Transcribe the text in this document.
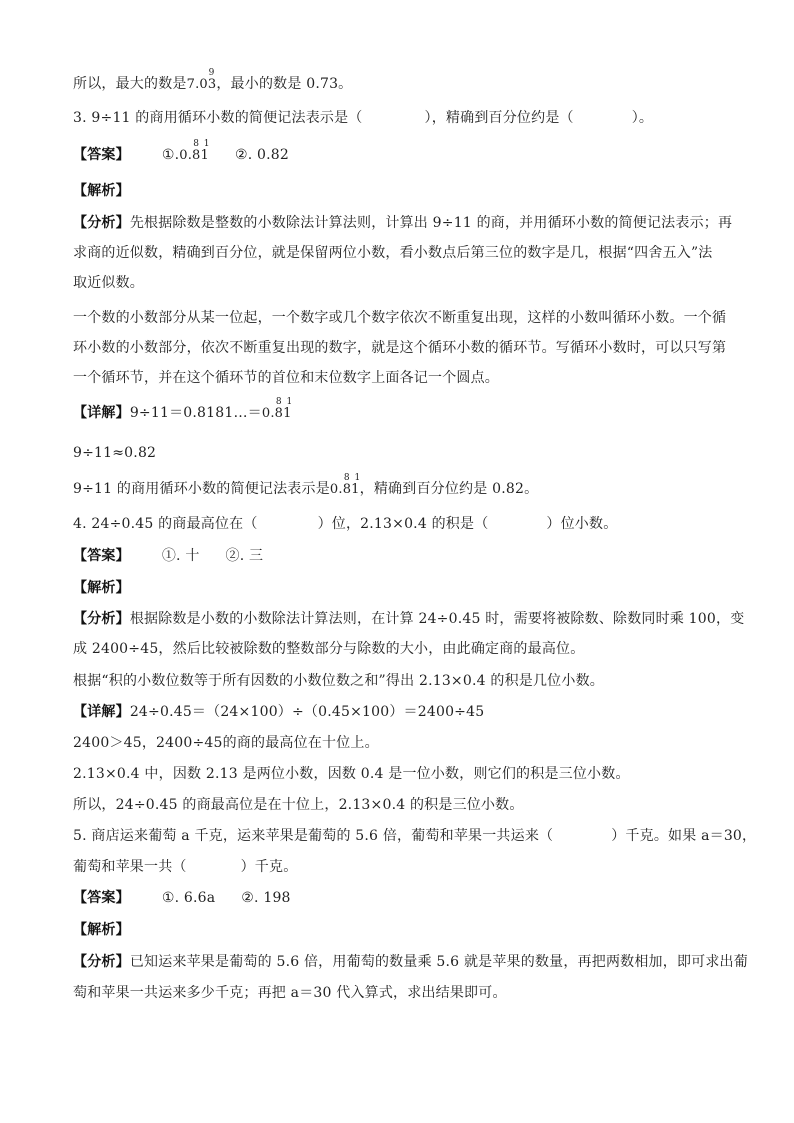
所以，最大的数是
9
7.03，最小的数是 0.73。
3. 9÷11 的商用循环小数的简便记法表示是（	），精确到百分位约是（	）。
【答案】 ①.
8 1
0.81 ②. 0.82
【解析】
【分析】先根据除数是整数的小数除法计算法则，计算出 9÷11 的商，并用循环小数的简便记法表示；再
求商的近似数，精确到百分位，就是保留两位小数，看小数点后第三位的数字是几，根据“四舍五入”法
取近似数。
一个数的小数部分从某一位起，一个数字或几个数字依次不断重复出现，这样的小数叫循环小数。一个循
环小数的小数部分，依次不断重复出现的数字，就是这个循环小数的循环节。写循环小数时，可以只写第
一个循环节，并在这个循环节的首位和末位数字上面各记一个圆点。
【详解】9÷11＝0.8181…＝
8 1
0.81
9÷11≈0.82
9÷11 的商用循环小数的简便记法表示是
8 1
0.81，精确到百分位约是 0.82。
4. 24÷0.45 的商最高位在（	）位，2.13×0.4 的积是（	）位小数。
【答案】 ①. 十 ②. 三
【解析】
【分析】根据除数是小数的小数除法计算法则，在计算 24÷0.45 时，需要将被除数、除数同时乘 100，变
成 2400÷45，然后比较被除数的整数部分与除数的大小，由此确定商的最高位。
根据“积的小数位数等于所有因数的小数位数之和”得出 2.13×0.4 的积是几位小数。
【详解】24÷0.45＝（24×100）÷（0.45×100）＝2400÷45
2400＞45，2400÷45的商的最高位在十位上。
2.13×0.4 中，因数 2.13 是两位小数，因数 0.4 是一位小数，则它们的积是三位小数。
所以，24÷0.45 的商最高位是在十位上，2.13×0.4 的积是三位小数。
5. 商店运来葡萄 a 千克，运来苹果是葡萄的 5.6 倍，葡萄和苹果一共运来（	）千克。如果 a＝30，
葡萄和苹果一共（	）千克。
【答案】 ①. 6.6a ②. 198
【解析】
【分析】已知运来苹果是葡萄的 5.6 倍，用葡萄的数量乘 5.6 就是苹果的数量，再把两数相加，即可求出葡
萄和苹果一共运来多少千克；再把 a＝30 代入算式，求出结果即可。
